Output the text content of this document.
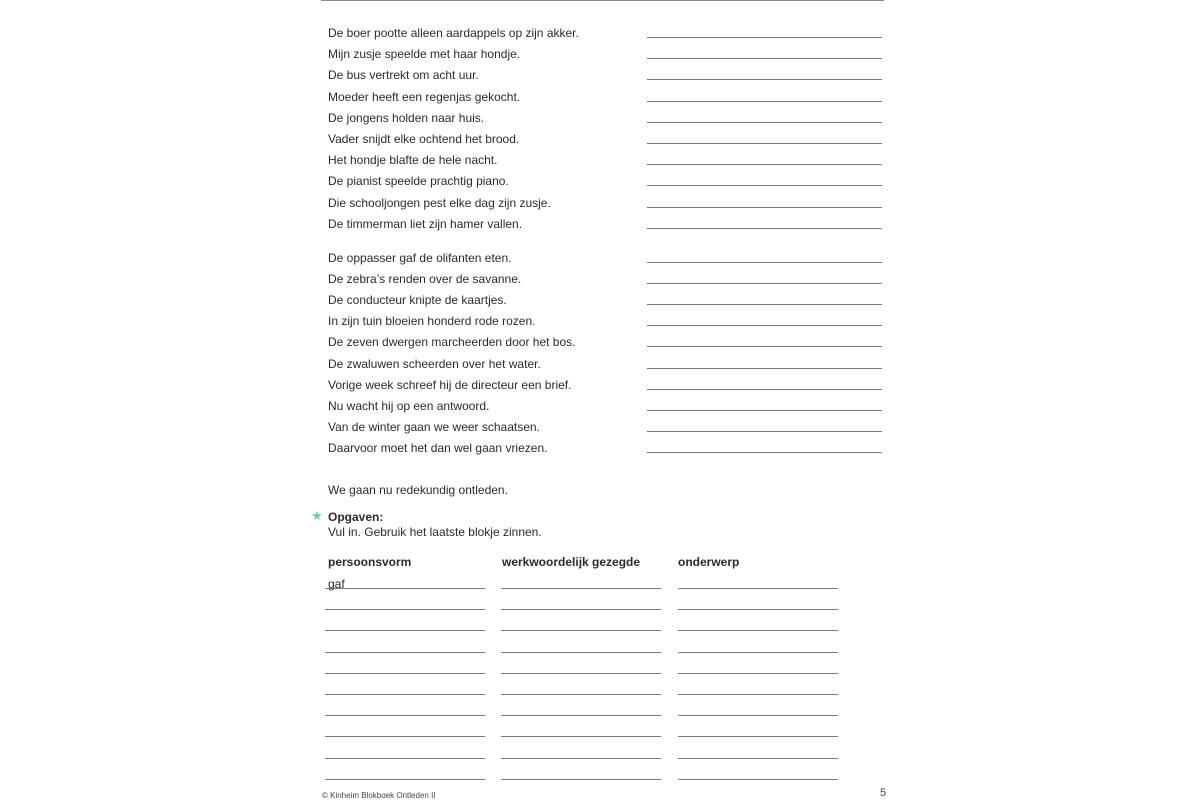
De boer pootte alleen aardappels op zijn akker.
Mijn zusje speelde met haar hondje.
De bus vertrekt om acht uur.
Moeder heeft een regenjas gekocht.
De jongens holden naar huis.
Vader snijdt elke ochtend het brood.
Het hondje blafte de hele nacht.
De pianist speelde prachtig piano.
Die schooljongen pest elke dag zijn zusje.
De timmerman liet zijn hamer vallen.
De oppasser gaf de olifanten eten.
De zebra’s renden over de savanne.
De conducteur knipte de kaartjes.
In zijn tuin bloeien honderd rode rozen.
De zeven dwergen marcheerden door het bos.
De zwaluwen scheerden over het water.
Vorige week schreef hij de directeur een brief.
Nu wacht hij op een antwoord.
Van de winter gaan we weer schaatsen.
Daarvoor moet het dan wel gaan vriezen.
We gaan nu redekundig ontleden.
★ Opgaven:
Vul in. Gebruik het laatste blokje zinnen.
persoonsvorm	werkwoordelijk gezegde	onderwerp
gaf
© Kinheim Blokboek Ontleden II	5
